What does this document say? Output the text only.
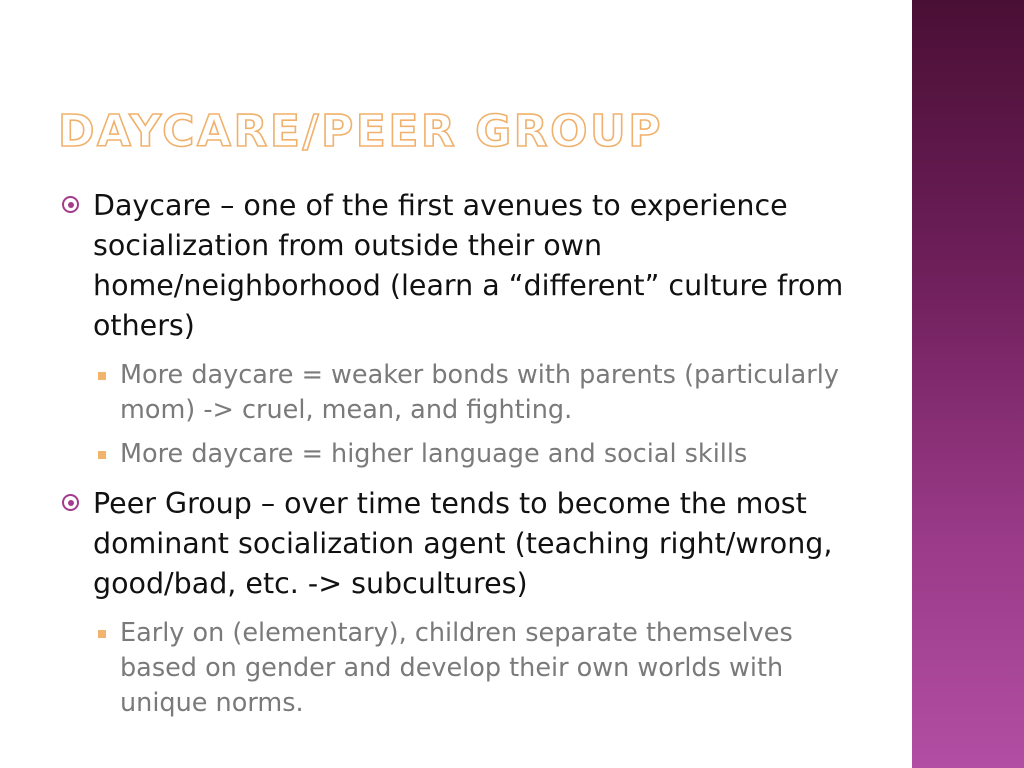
DAYCARE/PEER GROUP
Daycare – one of the first avenues to experience socialization from outside their own home/neighborhood (learn a “different” culture from others)
More daycare = weaker bonds with parents (particularly mom) -> cruel, mean, and fighting.
More daycare = higher language and social skills
Peer Group – over time tends to become the most dominant socialization agent (teaching right/wrong, good/bad, etc. -> subcultures)
Early on (elementary), children separate themselves based on gender and develop their own worlds with unique norms.
